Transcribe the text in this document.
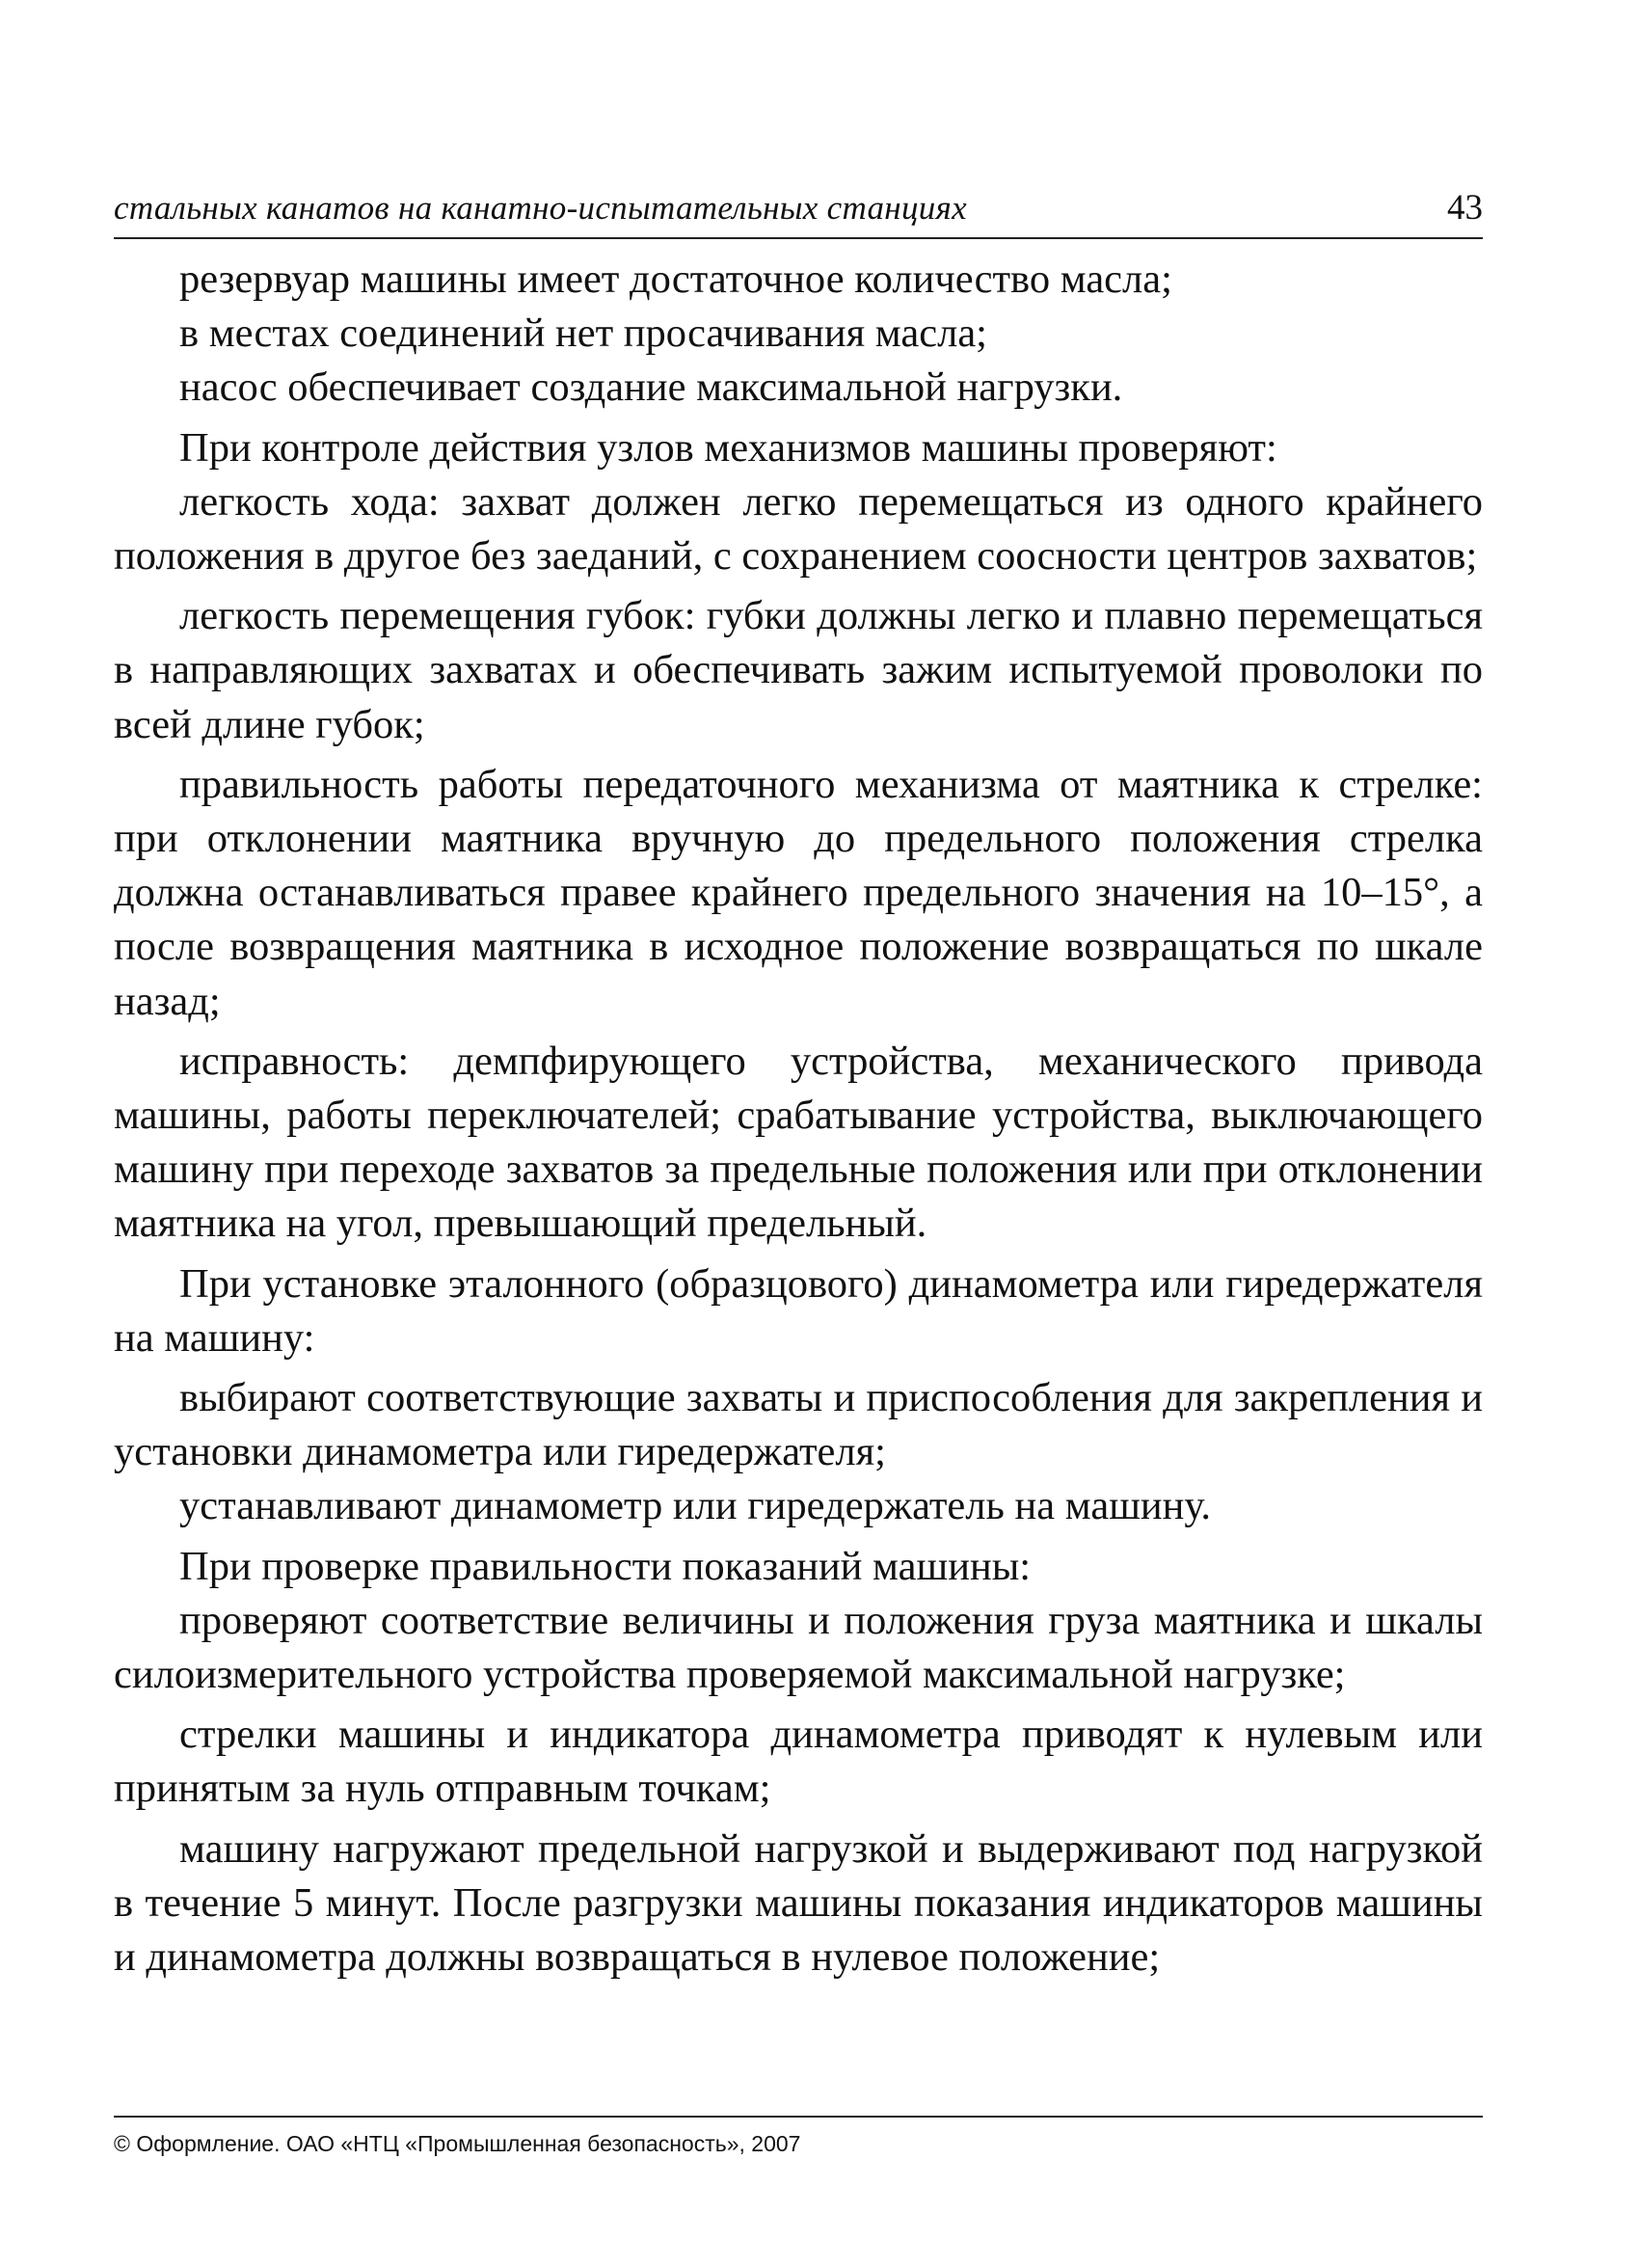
стальных канатов на канатно-испытательных станциях	43

резервуар машины имеет достаточное количество масла;

в местах соединений нет просачивания масла;

насос обеспечивает создание максимальной нагрузки.

При контроле действия узлов механизмов машины проверяют:

легкость хода: захват должен легко перемещаться из одного крайнего положения в другое без заеданий, с сохранением соосности центров захватов;

легкость перемещения губок: губки должны легко и плавно перемещаться в направляющих захватах и обеспечивать зажим испытуемой проволоки по всей длине губок;

правильность работы передаточного механизма от маятника к стрелке: при отклонении маятника вручную до предельного положения стрелка должна останавливаться правее крайнего предельного значения на 10–15°, а после возвращения маятника в исходное положение возвращаться по шкале назад;

исправность: демпфирующего устройства, механического привода машины, работы переключателей; срабатывание устройства, выключающего машину при переходе захватов за предельные положения или при отклонении маятника на угол, превышающий предельный.

При установке эталонного (образцового) динамометра или гиредержателя на машину:

выбирают соответствующие захваты и приспособления для закрепления и установки динамометра или гиредержателя;

устанавливают динамометр или гиредержатель на машину.

При проверке правильности показаний машины:

проверяют соответствие величины и положения груза маятника и шкалы силоизмерительного устройства проверяемой максимальной нагрузке;

стрелки машины и индикатора динамометра приводят к нулевым или принятым за нуль отправным точкам;

машину нагружают предельной нагрузкой и выдерживают под нагрузкой в течение 5 минут. После разгрузки машины показания индикаторов машины и динамометра должны возвращаться в нулевое положение;

© Оформление. ОАО «НТЦ «Промышленная безопасность», 2007
